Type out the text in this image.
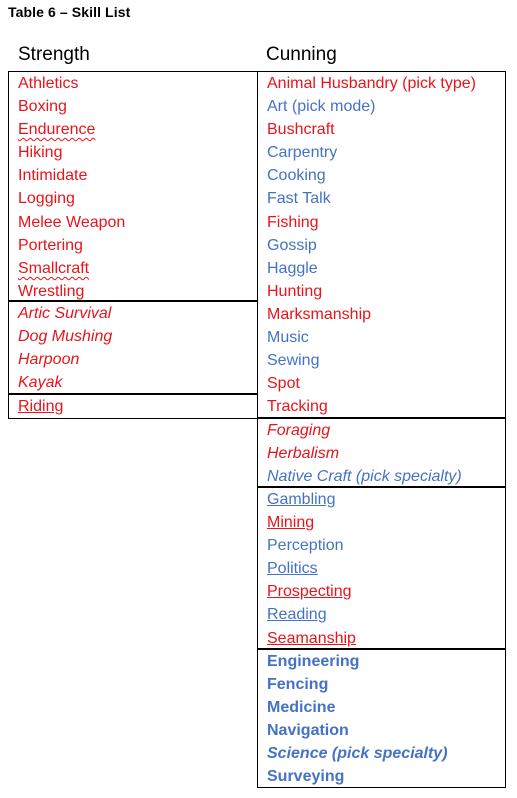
Table 6 – Skill List
Strength	Cunning
Athletics
Boxing
Endurence
Hiking
Intimidate
Logging
Melee Weapon
Portering
Smallcraft
Wrestling
Artic Survival
Dog Mushing
Harpoon
Kayak
Riding
Animal Husbandry (pick type)
Art (pick mode)
Bushcraft
Carpentry
Cooking
Fast Talk
Fishing
Gossip
Haggle
Hunting
Marksmanship
Music
Sewing
Spot
Tracking
Foraging
Herbalism
Native Craft (pick specialty)
Gambling
Mining
Perception
Politics
Prospecting
Reading
Seamanship
Engineering
Fencing
Medicine
Navigation
Science (pick specialty)
Surveying
